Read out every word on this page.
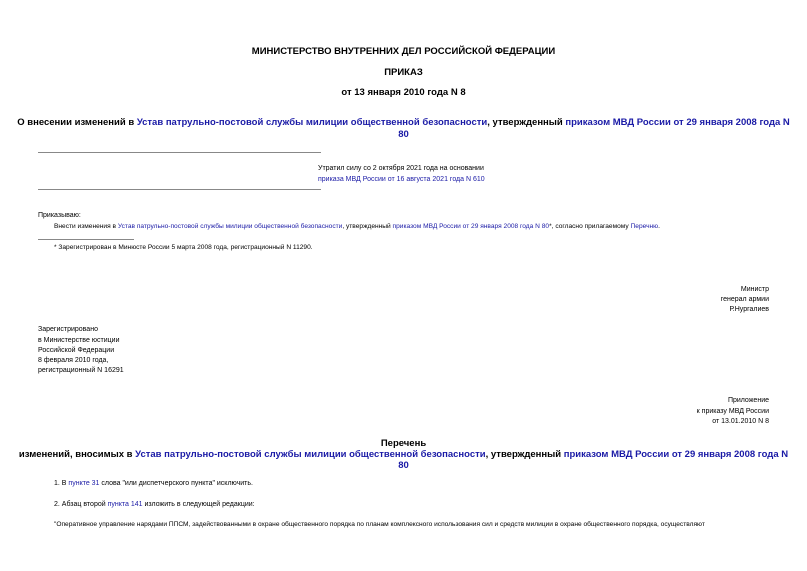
МИНИСТЕРСТВО ВНУТРЕННИХ ДЕЛ РОССИЙСКОЙ ФЕДЕРАЦИИ
ПРИКАЗ
от 13 января 2010 года N 8
О внесении изменений в Устав патрульно-постовой службы милиции общественной безопасности, утвержденный приказом МВД России от 29 января 2008 года N
80
Утратил силу со 2 октября 2021 года на основании
приказа МВД России от 16 августа 2021 года N 610
Приказываю:
Внести изменения в Устав патрульно-постовой службы милиции общественной безопасности, утвержденный приказом МВД России от 29 января 2008 года N 80*, согласно прилагаемому Перечню.
* Зарегистрирован в Минюсте России 5 марта 2008 года, регистрационный N 11290.
Министр
генерал армии
Р.Нургалиев
Зарегистрировано
в Министерстве юстиции
Российской Федерации
8 февраля 2010 года,
регистрационный N 16291
Приложение
к приказу МВД России
от 13.01.2010 N 8
Перечень
изменений, вносимых в Устав патрульно-постовой службы милиции общественной безопасности, утвержденный приказом МВД России от 29 января 2008 года N
80
1. В пункте 31 слова "или диспетчерского пункта" исключить.
2. Абзац второй пункта 141 изложить в следующей редакции:
"Оперативное управление нарядами ППСМ, задействованными в охране общественного порядка по планам комплексного использования сил и средств милиции в охране общественного порядка, осуществляют
